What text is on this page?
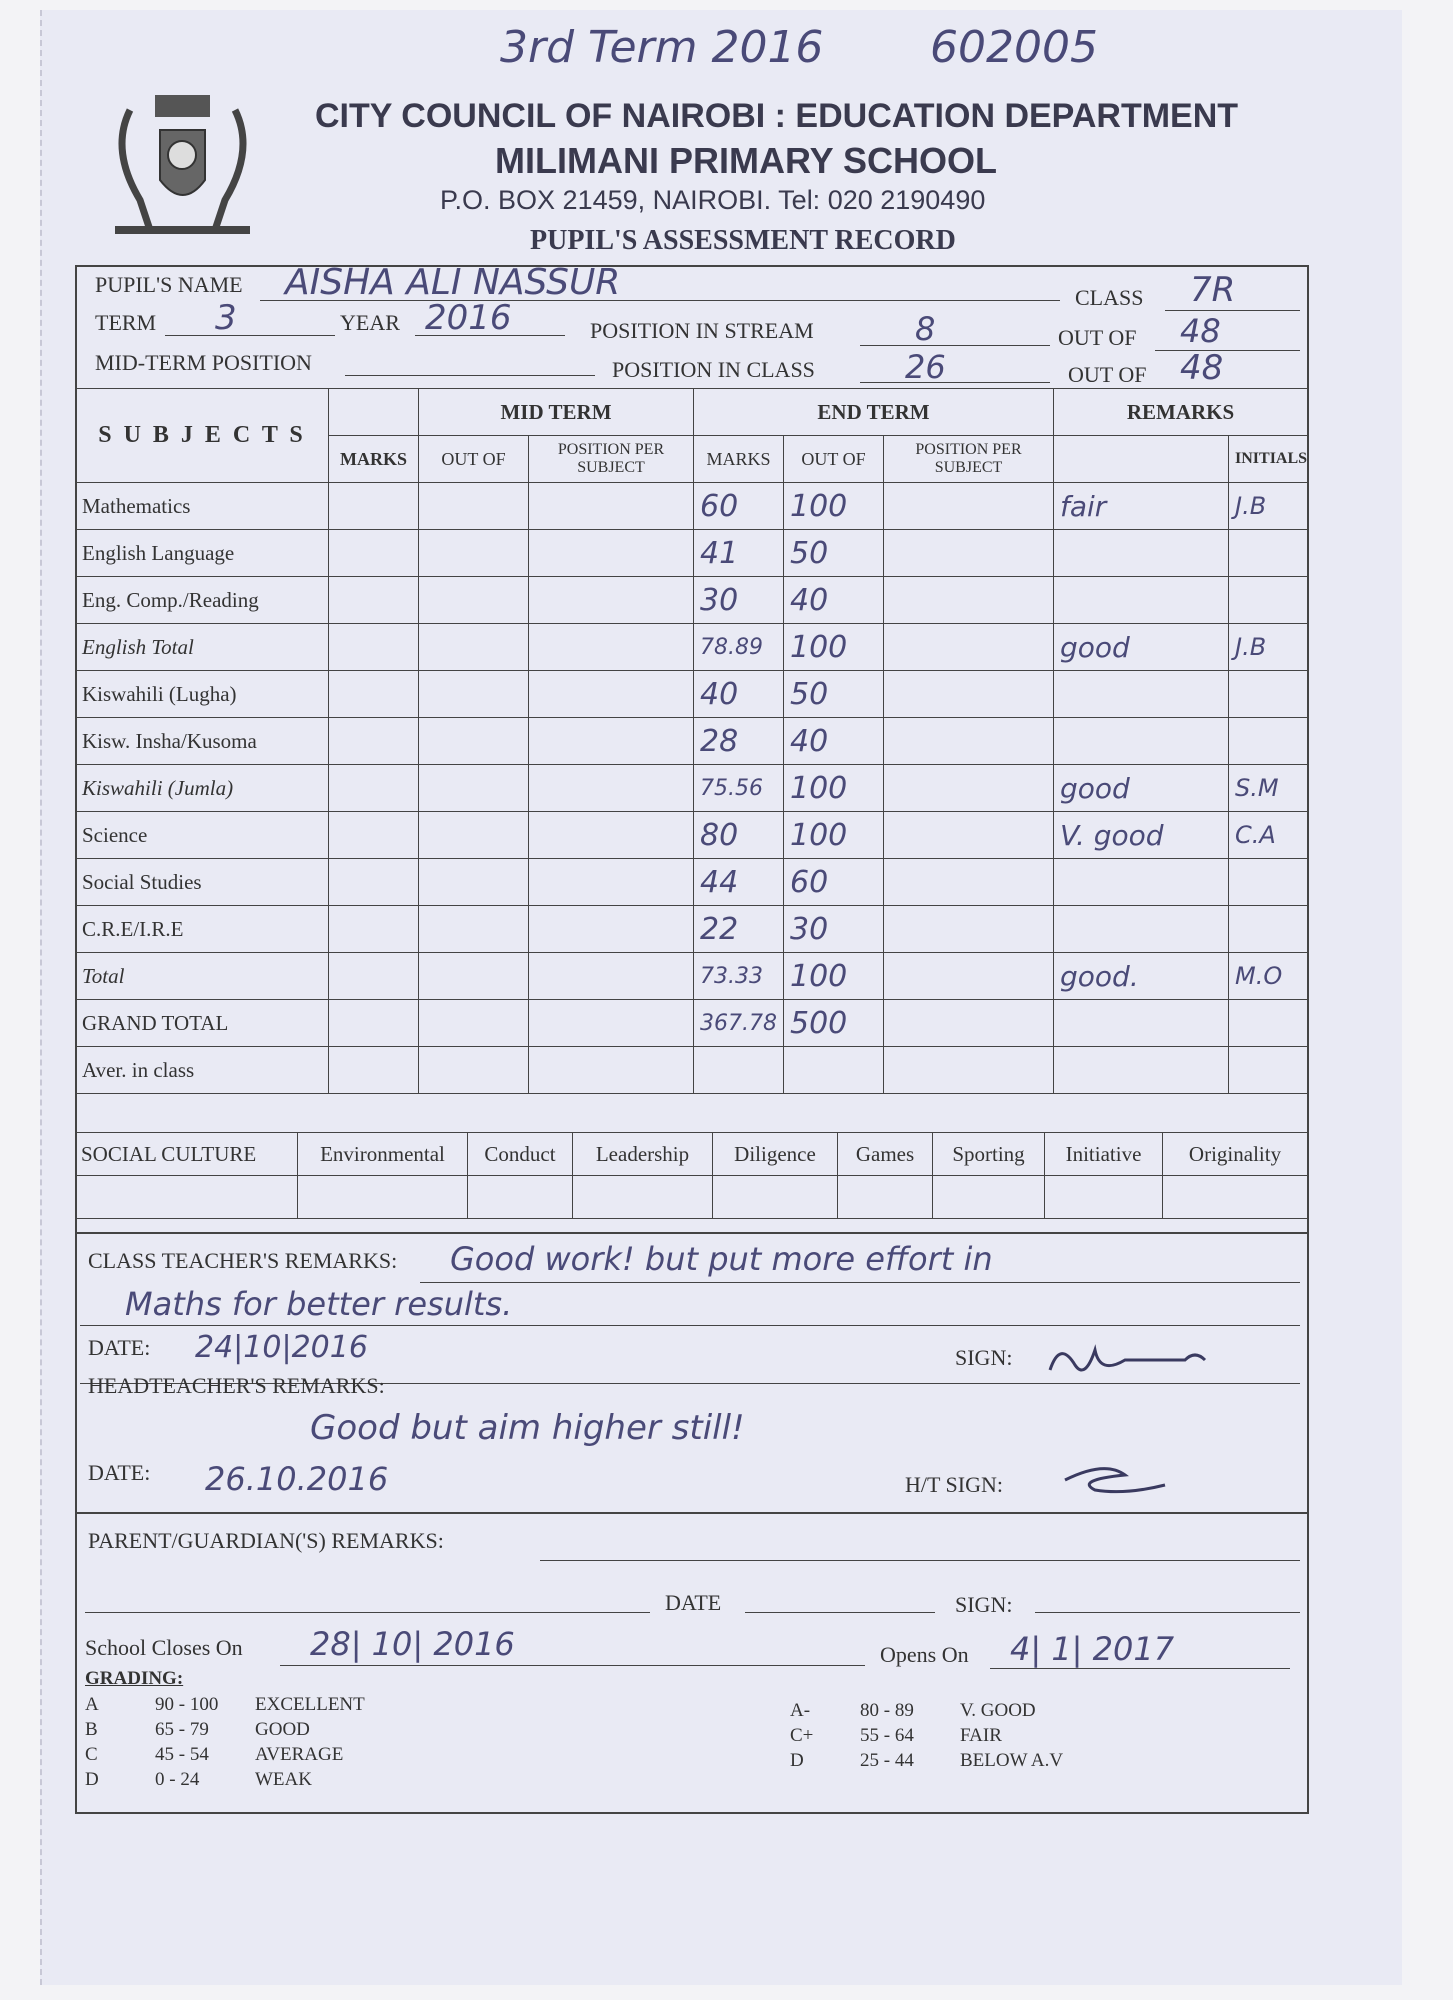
3rd Term 2016 602005
CITY COUNCIL OF NAIROBI : EDUCATION DEPARTMENT
MILIMANI PRIMARY SCHOOL
P.O. BOX 21459, NAIROBI. Tel: 020 2190490
PUPIL'S ASSESSMENT RECORD
PUPIL'S NAME AISHA ALI NASSUR	CLASS 7R
TERM 3	YEAR 2016	POSITION IN STREAM	8	OUT OF 48
MID-TERM POSITION	POSITION IN CLASS	26	OUT OF 48
S U B J E C T S		MID TERM		END TERM			REMARKS	
	MARKS	OUT OF	POSITION PER SUBJECT	MARKS	OUT OF	POSITION PER SUBJECT		INITIALS
Mathematics				60	100		fair	J.B
English Language				41	50			
Eng. Comp./Reading				30	40			
English Total				78.89	100		good	J.B
Kiswahili (Lugha)				40	50			
Kisw. Insha/Kusoma				28	40			
Kiswahili (Jumla)				75.56	100		good	S.M
Science				80	100		V. good	C.A
Social Studies				44	60			
C.R.E/I.R.E				22	30			
Total				73.33	100		good.	M.O
GRAND TOTAL				367.78	500			
Aver. in class								
SOCIAL CULTURE	Environmental	Conduct	Leadership	Diligence	Games	Sporting	Initiative	Originality

CLASS TEACHER'S REMARKS: Good work! but put more effort in
Maths for better results.
DATE: 24|10|2016	SIGN:
HEADTEACHER'S REMARKS:
Good but aim higher still!
DATE: 26.10.2016	H/T SIGN:
PARENT/GUARDIAN('S) REMARKS:
DATE	SIGN:
School Closes On 28| 10| 2016	Opens On 4| 1| 2017
GRADING:
A	90 - 100	EXCELLENT
B	65 - 79	GOOD
C	45 - 54	AVERAGE
D	0 - 24	WEAK
A-	80 - 89	V. GOOD
C+	55 - 64	FAIR
D	25 - 44	BELOW A.V
